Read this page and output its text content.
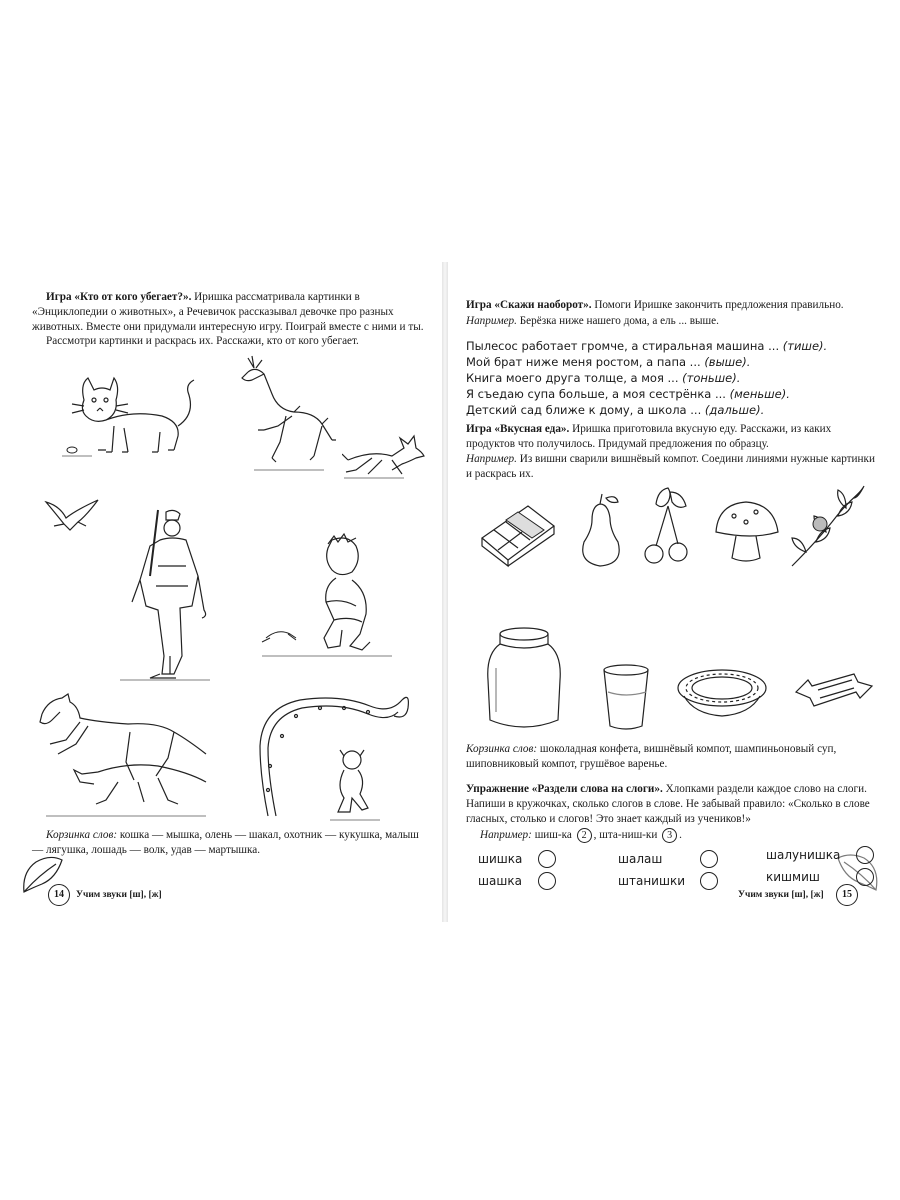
Игра «Кто от кого убегает?». Иришка рассматривала картинки в «Энциклопедии о животных», а Речевичок рассказывал девочке про разных животных. Вместе они придумали интересную игру. Поиграй вместе с ними и ты.
Рассмотри картинки и раскрась их. Расскажи, кто от кого убегает.
Корзинка слов: кошка — мышка, олень — шакал, охотник — кукушка, малыш — лягушка, лошадь — волк, удав — мартышка.
14	Учим звуки [ш], [ж]
Игра «Скажи наоборот». Помоги Иришке закончить предложения правильно.
Например. Берёзка ниже нашего дома, а ель ... выше.
Пылесос работает громче, а стиральная машина ... (тише).
Мой брат ниже меня ростом, а папа ... (выше).
Книга моего друга толще, а моя ... (тоньше).
Я съедаю супа больше, а моя сестрёнка ... (меньше).
Детский сад ближе к дому, а школа ... (дальше).
Игра «Вкусная еда». Иришка приготовила вкусную еду. Расскажи, из каких продуктов что получилось. Придумай предложения по образцу.
Например. Из вишни сварили вишнёвый компот. Соедини линиями нужные картинки и раскрась их.
Корзинка слов: шоколадная конфета, вишнёвый компот, шампиньоновый суп, шиповниковый компот, грушёвое варенье.
Упражнение «Раздели слова на слоги». Хлопками раздели каждое слово на слоги. Напиши в кружочках, сколько слогов в слове. Не забывай правило: «Сколько в слове гласных, столько и слогов! Это знает каждый из учеников!»
Например: шиш-ка 2 , шта-ниш-ки 3 .
шишка
шашка
шалаш
штанишки
шалунишка
кишмиш
Учим звуки [ш], [ж]	15
